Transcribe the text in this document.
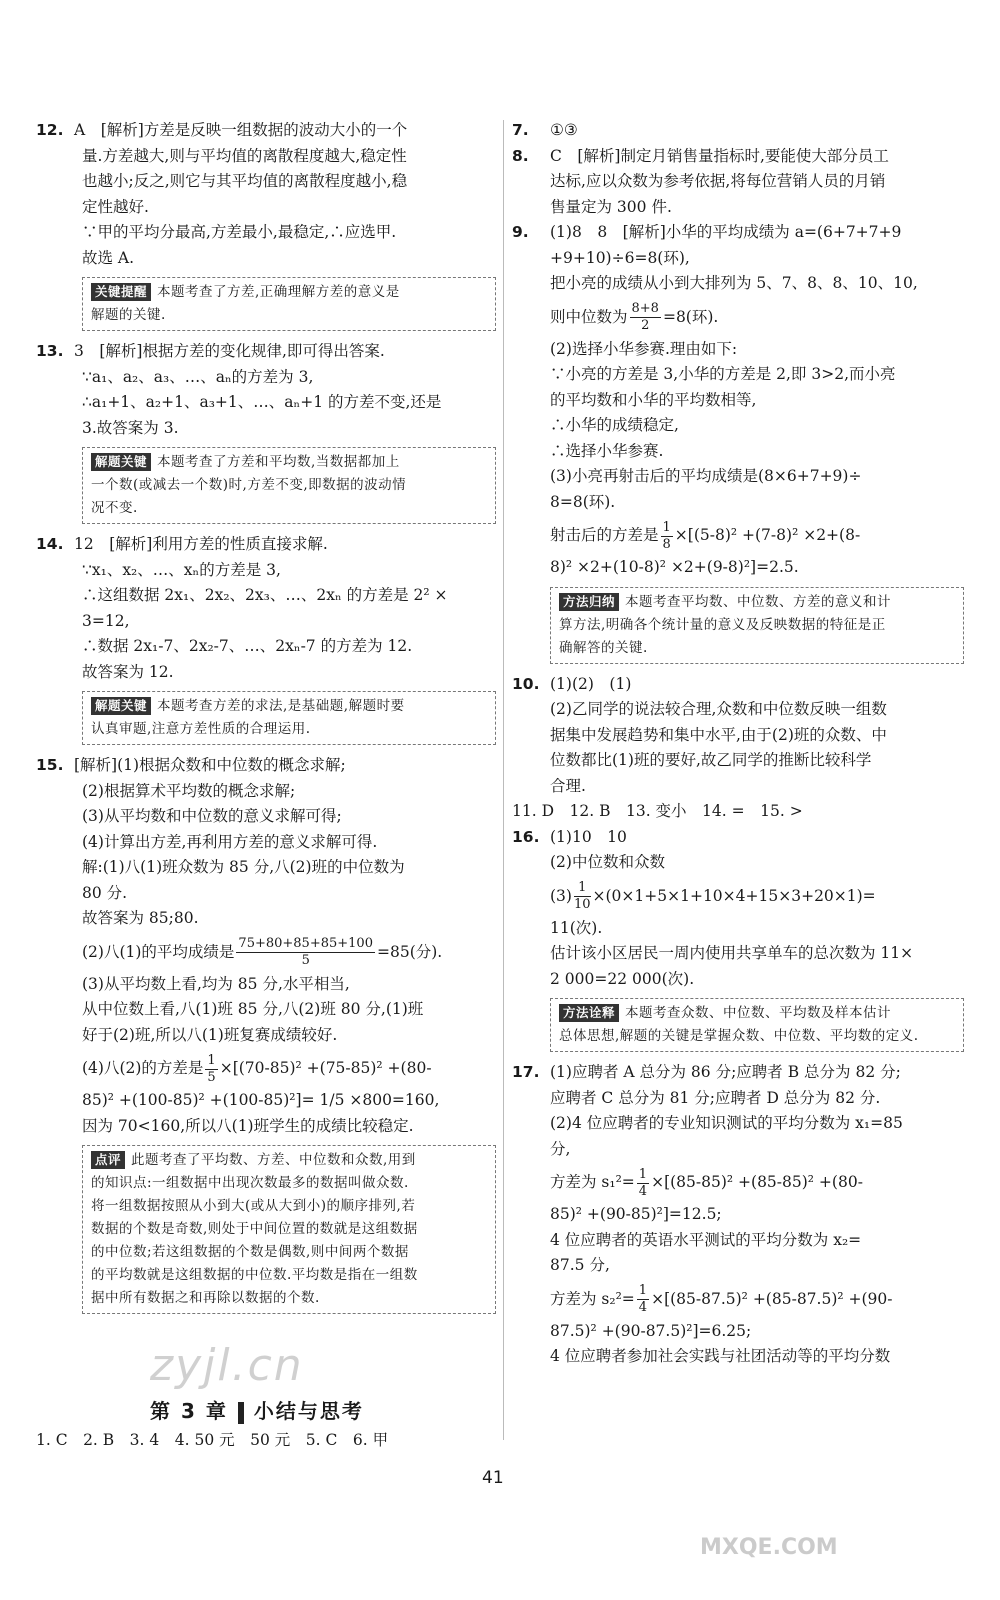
12. A　[解析]方差是反映一组数据的波动大小的一个
量.方差越大,则与平均值的离散程度越大,稳定性
也越小;反之,则它与其平均值的离散程度越小,稳
定性越好.
∵甲的平均分最高,方差最小,最稳定,∴应选甲.
故选 A.
关键提醒 本题考查了方差,正确理解方差的意义是
解题的关键.
13. 3　[解析]根据方差的变化规律,即可得出答案.
∵a₁、a₂、a₃、…、aₙ的方差为 3,
∴a₁+1、a₂+1、a₃+1、…、aₙ+1 的方差不变,还是
3.故答案为 3.
解题关键 本题考查了方差和平均数,当数据都加上
一个数(或减去一个数)时,方差不变,即数据的波动情
况不变.
14. 12　[解析]利用方差的性质直接求解.
∵x₁、x₂、…、xₙ的方差是 3,
∴这组数据 2x₁、2x₂、2x₃、…、2xₙ 的方差是 2² ×
3=12,
∴数据 2x₁-7、2x₂-7、…、2xₙ-7 的方差为 12.
故答案为 12.
解题关键 本题考查方差的求法,是基础题,解题时要
认真审题,注意方差性质的合理运用.
15. [解析](1)根据众数和中位数的概念求解;
(2)根据算术平均数的概念求解;
(3)从平均数和中位数的意义求解可得;
(4)计算出方差,再利用方差的意义求解可得.
解:(1)八(1)班众数为 85 分,八(2)班的中位数为
80 分.
故答案为 85;80.
(2)八(1)的平均成绩是 $\frac{75+80+85+85+100}{5} =85$(分).
(3)从平均数上看,均为 85 分,水平相当,
从中位数上看,八(1)班 85 分,八(2)班 80 分,(1)班
好于(2)班,所以八(1)班复赛成绩较好.
(4)八(2)的方差是 $\frac{1}{5} \times[(70-85)^2 +(75-85)^2 +(80-$
85)² +(100-85)² +(100-85)²]= 1/5 ×800=160,
因为 70<160,所以八(1)班学生的成绩比较稳定.
点评 此题考查了平均数、方差、中位数和众数,用到
的知识点:一组数据中出现次数最多的数据叫做众数.
将一组数据按照从小到大(或从大到小)的顺序排列,若
数据的个数是奇数,则处于中间位置的数就是这组数据
的中位数;若这组数据的个数是偶数,则中间两个数据
的平均数就是这组数据的中位数.平均数是指在一组数
据中所有数据之和再除以数据的个数.
zyjl.cn
第 3 章 小结与思考
1. C　2. B　3. 4　4. 50 元　50 元　5. C　6. 甲
7. ①③
8. C　[解析]制定月销售量指标时,要能使大部分员工
达标,应以众数为参考依据,将每位营销人员的月销
售量定为 300 件.
9. (1)8　8　[解析]小华的平均成绩为 a=(6+7+7+9
+9+10)÷6=8(环),
把小亮的成绩从小到大排列为 5、7、8、8、10、10,
则中位数为 $\frac{8+8}{2} =8$(环).
(2)选择小华参赛.理由如下:
∵小亮的方差是 3,小华的方差是 2,即 3>2,而小亮
的平均数和小华的平均数相等,
∴小华的成绩稳定,
∴选择小华参赛.
(3)小亮再射击后的平均成绩是(8×6+7+9)÷
8=8(环).
射击后的方差是 $\frac{1}{8} \times[(5-8)^2 +(7-8)^2 \times 2+(8-$
8)² ×2+(10-8)² ×2+(9-8)²]=2.5.
方法归纳 本题考查平均数、中位数、方差的意义和计
算方法,明确各个统计量的意义及反映数据的特征是正
确解答的关键.
10. (1)(2)　(1)
(2)乙同学的说法较合理,众数和中位数反映一组数
据集中发展趋势和集中水平,由于(2)班的众数、中
位数都比(1)班的要好,故乙同学的推断比较科学
合理.
11. D　12. B　13. 变小　14. =　15. >
16. (1)10　10
(2)中位数和众数
$(3) \frac{1}{10} \times(0\times 1+5\times 1+10\times 4+15\times 3+20\times 1)=$
11(次).
估计该小区居民一周内使用共享单车的总次数为 11×
2 000=22 000(次).
方法诠释 本题考查众数、中位数、平均数及样本估计
总体思想,解题的关键是掌握众数、中位数、平均数的定义.
17. (1)应聘者 A 总分为 86 分;应聘者 B 总分为 82 分;
应聘者 C 总分为 81 分;应聘者 D 总分为 82 分.
(2)4 位应聘者的专业知识测试的平均分数为 x₁=85
分,
方差为 $s_1^2= \frac{1}{4} \times[(85-85)^2 +(85-85)^2 +(80-$
85)² +(90-85)²]=12.5;
4 位应聘者的英语水平测试的平均分数为 x₂=
87.5 分,
方差为 $s_2^2= \frac{1}{4} \times[(85-87.5)^2 +(85-87.5)^2 +(90-$
87.5)² +(90-87.5)²]=6.25;
4 位应聘者参加社会实践与社团活动等的平均分数
41
MXQE.COM
